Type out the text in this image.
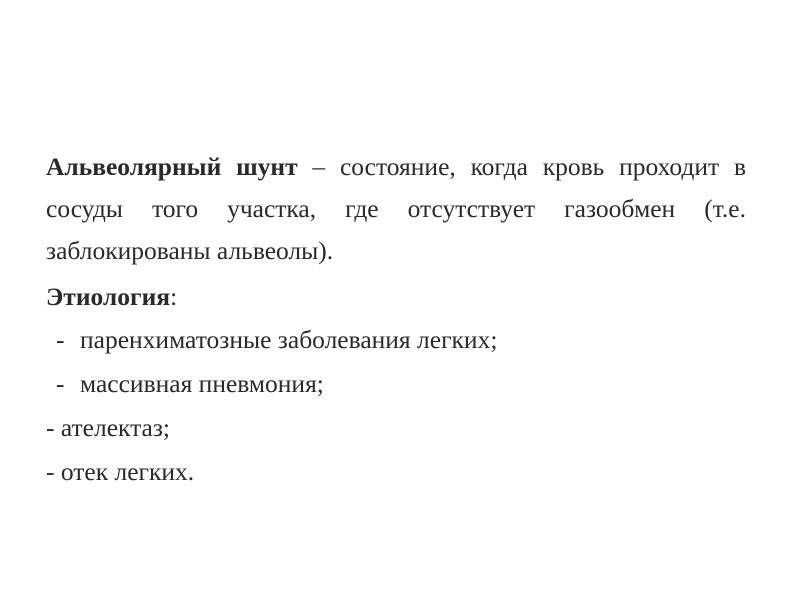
Альвеолярный шунт – состояние, когда кровь проходит в сосуды того участка, где отсутствует газообмен (т.е. заблокированы альвеолы).

Этиология:

- паренхиматозные заболевания легких;
- массивная пневмония;
- ателектаз;
- отек легких.
